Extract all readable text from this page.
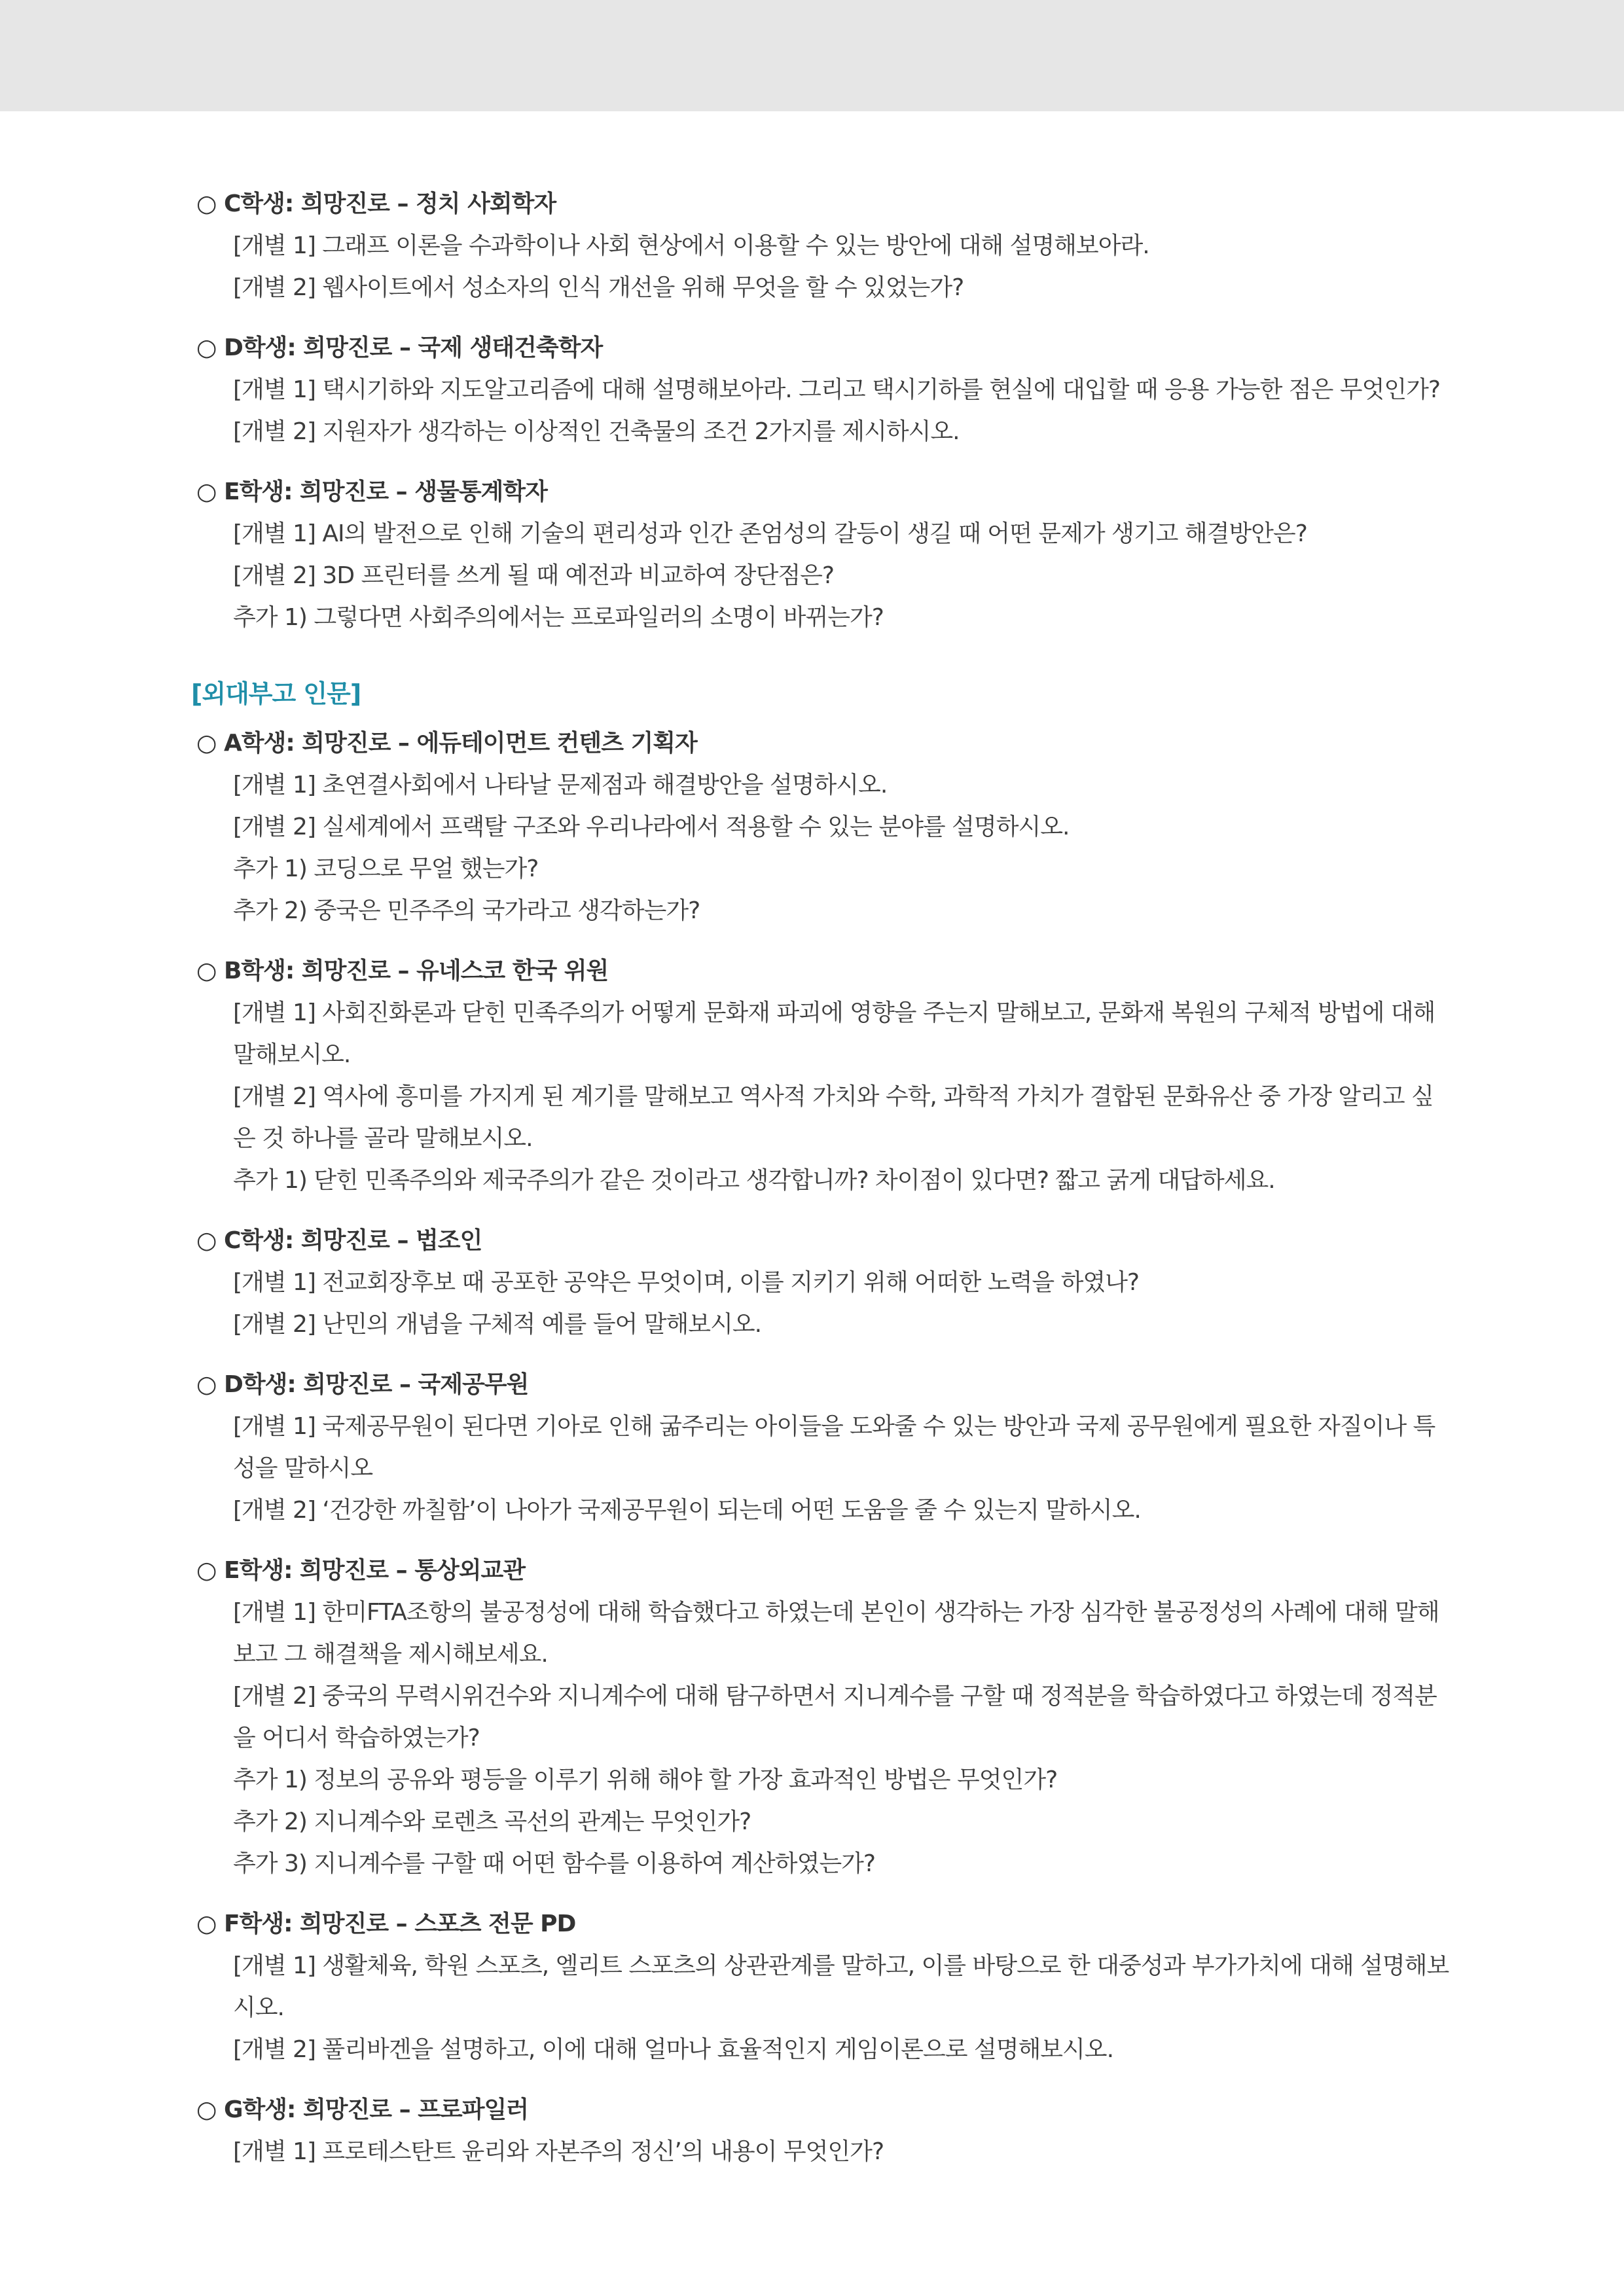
○ C학생: 희망진로 – 정치 사회학자
[개별 1] 그래프 이론을 수과학이나 사회 현상에서 이용할 수 있는 방안에 대해 설명해보아라.
[개별 2] 웹사이트에서 성소자의 인식 개선을 위해 무엇을 할 수 있었는가?
○ D학생: 희망진로 – 국제 생태건축학자
[개별 1] 택시기하와 지도알고리즘에 대해 설명해보아라. 그리고 택시기하를 현실에 대입할 때 응용 가능한 점은 무엇인가?
[개별 2] 지원자가 생각하는 이상적인 건축물의 조건 2가지를 제시하시오.
○ E학생: 희망진로 – 생물통계학자
[개별 1] AI의 발전으로 인해 기술의 편리성과 인간 존엄성의 갈등이 생길 때 어떤 문제가 생기고 해결방안은?
[개별 2] 3D 프린터를 쓰게 될 때 예전과 비교하여 장단점은?
추가 1) 그렇다면 사회주의에서는 프로파일러의 소명이 바뀌는가?
[외대부고 인문]
○ A학생: 희망진로 – 에듀테이먼트 컨텐츠 기획자
[개별 1] 초연결사회에서 나타날 문제점과 해결방안을 설명하시오.
[개별 2] 실세계에서 프랙탈 구조와 우리나라에서 적용할 수 있는 분야를 설명하시오.
추가 1) 코딩으로 무얼 했는가?
추가 2) 중국은 민주주의 국가라고 생각하는가?
○ B학생: 희망진로 – 유네스코 한국 위원
[개별 1] 사회진화론과 닫힌 민족주의가 어떻게 문화재 파괴에 영향을 주는지 말해보고, 문화재 복원의 구체적 방법에 대해 말해보시오.
[개별 2] 역사에 흥미를 가지게 된 계기를 말해보고 역사적 가치와 수학, 과학적 가치가 결합된 문화유산 중 가장 알리고 싶은 것 하나를 골라 말해보시오.
추가 1) 닫힌 민족주의와 제국주의가 같은 것이라고 생각합니까? 차이점이 있다면? 짧고 굵게 대답하세요.
○ C학생: 희망진로 – 법조인
[개별 1] 전교회장후보 때 공포한 공약은 무엇이며, 이를 지키기 위해 어떠한 노력을 하였나?
[개별 2] 난민의 개념을 구체적 예를 들어 말해보시오.
○ D학생: 희망진로 – 국제공무원
[개별 1] 국제공무원이 된다면 기아로 인해 굶주리는 아이들을 도와줄 수 있는 방안과 국제 공무원에게 필요한 자질이나 특성을 말하시오
[개별 2] ‘건강한 까칠함’이 나아가 국제공무원이 되는데 어떤 도움을 줄 수 있는지 말하시오.
○ E학생: 희망진로 – 통상외교관
[개별 1] 한미FTA조항의 불공정성에 대해 학습했다고 하였는데 본인이 생각하는 가장 심각한 불공정성의 사례에 대해 말해보고 그 해결책을 제시해보세요.
[개별 2] 중국의 무력시위건수와 지니계수에 대해 탐구하면서 지니계수를 구할 때 정적분을 학습하였다고 하였는데 정적분을 어디서 학습하였는가?
추가 1) 정보의 공유와 평등을 이루기 위해 해야 할 가장 효과적인 방법은 무엇인가?
추가 2) 지니계수와 로렌츠 곡선의 관계는 무엇인가?
추가 3) 지니계수를 구할 때 어떤 함수를 이용하여 계산하였는가?
○ F학생: 희망진로 – 스포츠 전문 PD
[개별 1] 생활체육, 학원 스포츠, 엘리트 스포츠의 상관관계를 말하고, 이를 바탕으로 한 대중성과 부가가치에 대해 설명해보시오.
[개별 2] 풀리바겐을 설명하고, 이에 대해 얼마나 효율적인지 게임이론으로 설명해보시오.
○ G학생: 희망진로 – 프로파일러
[개별 1] 프로테스탄트 윤리와 자본주의 정신’의 내용이 무엇인가?
